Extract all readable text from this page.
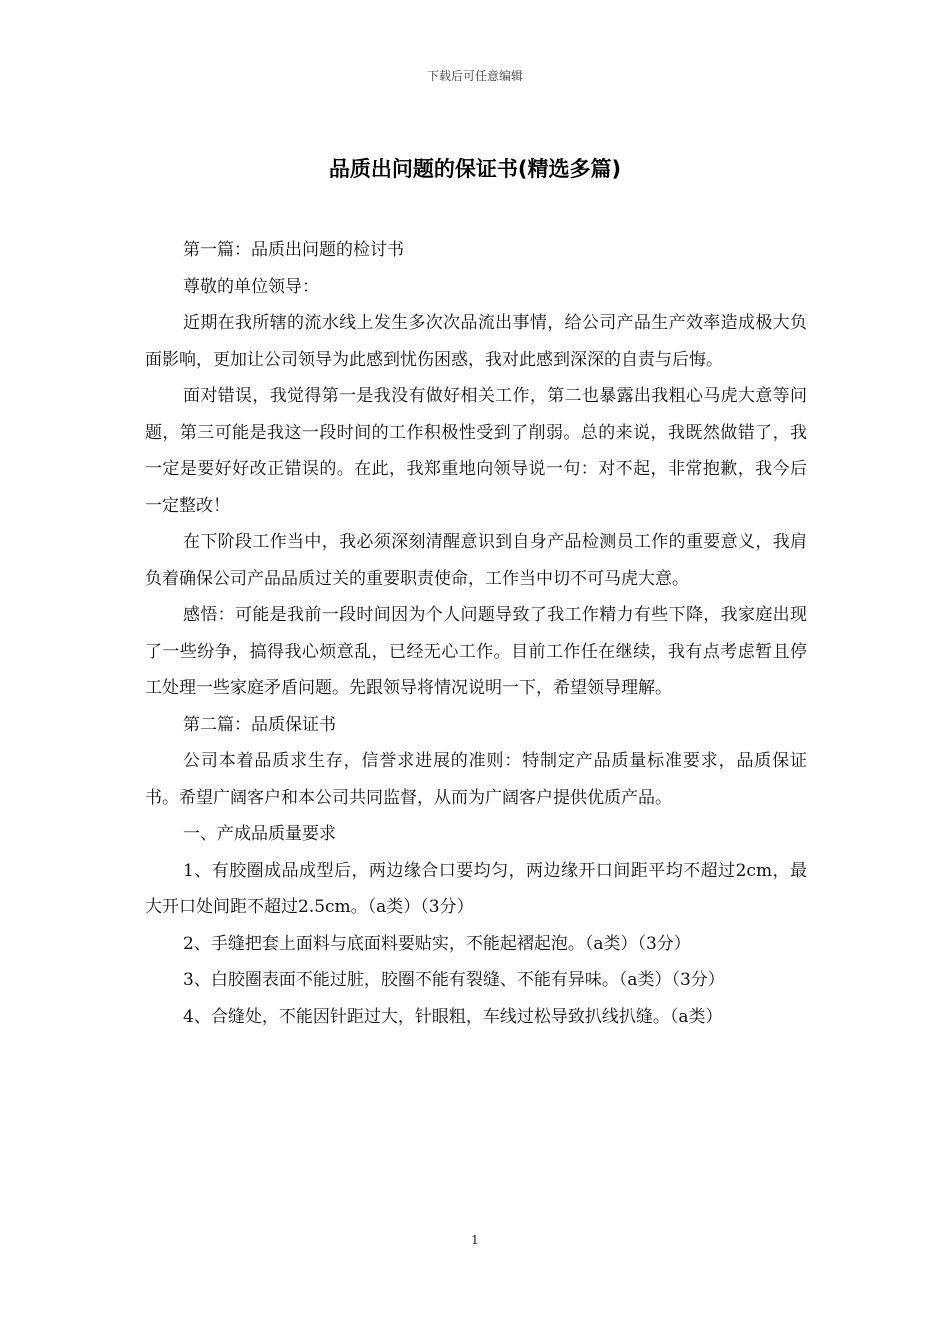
下载后可任意编辑
品质出问题的保证书(精选多篇)

第一篇：品质出问题的检讨书

尊敬的单位领导：

近期在我所辖的流水线上发生多次次品流出事情，给公司产品生产效率造成极大负面影响，更加让公司领导为此感到忧伤困惑，我对此感到深深的自责与后悔。

面对错误，我觉得第一是我没有做好相关工作，第二也暴露出我粗心马虎大意等问题，第三可能是我这一段时间的工作积极性受到了削弱。总的来说，我既然做错了，我一定是要好好改正错误的。在此，我郑重地向领导说一句：对不起，非常抱歉，我今后一定整改！

在下阶段工作当中，我必须深刻清醒意识到自身产品检测员工作的重要意义，我肩负着确保公司产品品质过关的重要职责使命，工作当中切不可马虎大意。

感悟：可能是我前一段时间因为个人问题导致了我工作精力有些下降，我家庭出现了一些纷争，搞得我心烦意乱，已经无心工作。目前工作任在继续，我有点考虑暂且停工处理一些家庭矛盾问题。先跟领导将情况说明一下，希望领导理解。

第二篇：品质保证书

公司本着品质求生存，信誉求进展的准则：特制定产品质量标准要求，品质保证书。希望广阔客户和本公司共同监督，从而为广阔客户提供优质产品。

一、产成品质量要求

1、有胶圈成品成型后，两边缘合口要均匀，两边缘开口间距平均不超过2cm，最大开口处间距不超过2.5cm。（a类）（3分）

2、手缝把套上面料与底面料要贴实，不能起褶起泡。（a类）（3分）

3、白胶圈表面不能过脏，胶圈不能有裂缝、不能有异味。（a类）（3分）

4、合缝处，不能因针距过大，针眼粗，车线过松导致扒线扒缝。（a类）

1
